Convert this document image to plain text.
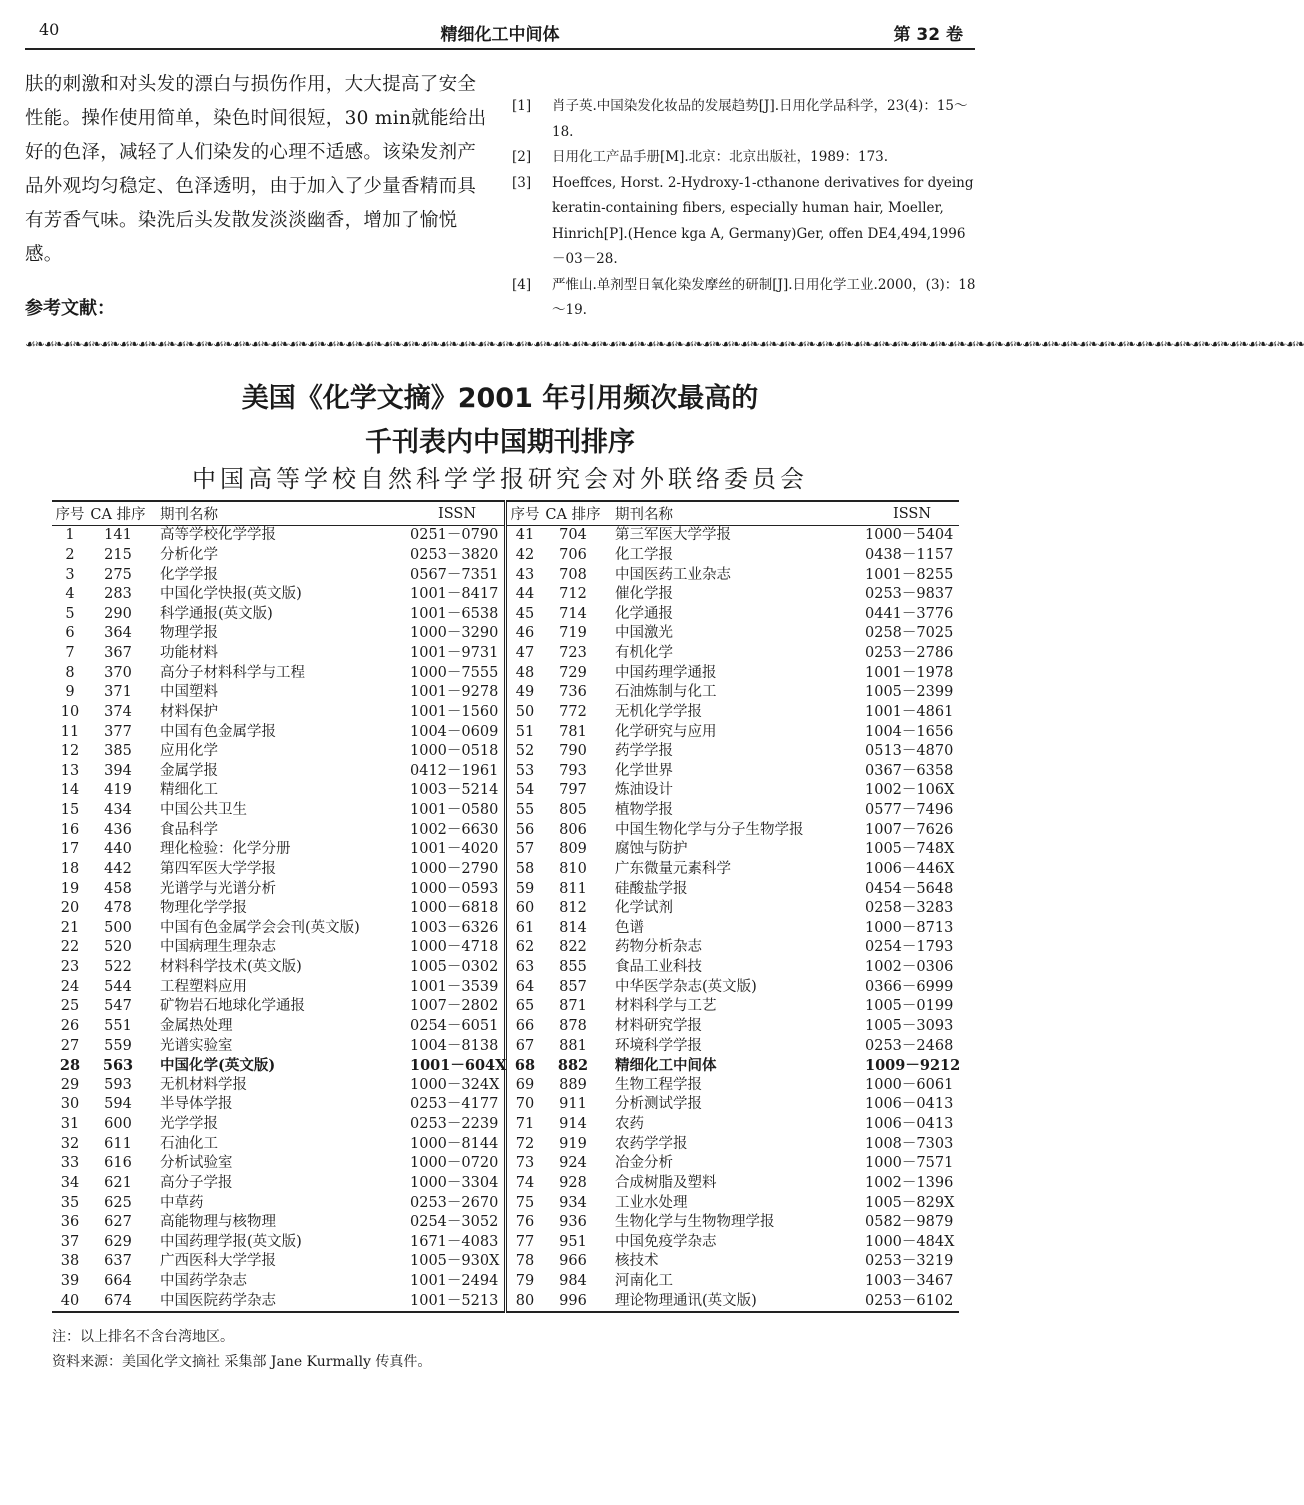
40	精细化工中间体	第 32 卷
肤的刺激和对头发的漂白与损伤作用，大大提高了安全性能。操作使用简单，染色时间很短，30 min就能给出好的色泽，减轻了人们染发的心理不适感。该染发剂产品外观均匀稳定、色泽透明，由于加入了少量香精而具有芳香气味。染洗后头发散发淡淡幽香，增加了愉悦感。
参考文献：
[1] 肖子英.中国染发化妆品的发展趋势[J].日用化学品科学，23(4)：15～18.
[2] 日用化工产品手册[M].北京：北京出版社，1989：173.
[3] Hoeffces, Horst. 2-Hydroxy-1-cthanone derivatives for dyeing keratin-containing fibers, especially human hair, Moeller, Hinrich[P].(Hence kga A, Germany)Ger, offen DE4,494,1996－03－28.
[4] 严惟山.单剂型日氧化染发摩丝的研制[J].日用化学工业.2000，(3)：18～19.
☙❧☙❧☙❧☙❧☙❧☙❧☙❧☙❧☙❧☙❧☙❧☙❧☙❧☙❧☙❧☙❧☙❧☙❧☙❧☙❧☙❧☙❧☙❧☙❧☙❧☙❧☙❧☙❧☙❧☙❧☙❧☙❧☙❧☙❧☙❧☙❧☙❧☙❧☙❧☙❧☙❧☙❧☙❧☙❧☙❧☙❧☙❧☙❧☙❧☙❧☙❧☙❧☙❧☙❧☙❧☙❧☙❧☙❧☙❧☙❧☙❧☙❧☙❧☙❧☙❧☙❧☙❧☙❧
美国《化学文摘》2001 年引用频次最高的
千刊表内中国期刊排序
中国高等学校自然科学学报研究会对外联络委员会
序号	CA 排序	期刊名称	ISSN	序号	CA 排序	期刊名称	ISSN
1	141	高等学校化学学报	0251－0790	41	704	第三军医大学学报	1000－5404
2	215	分析化学	0253－3820	42	706	化工学报	0438－1157
3	275	化学学报	0567－7351	43	708	中国医药工业杂志	1001－8255
4	283	中国化学快报(英文版)	1001－8417	44	712	催化学报	0253－9837
5	290	科学通报(英文版)	1001－6538	45	714	化学通报	0441－3776
6	364	物理学报	1000－3290	46	719	中国激光	0258－7025
7	367	功能材料	1001－9731	47	723	有机化学	0253－2786
8	370	高分子材料科学与工程	1000－7555	48	729	中国药理学通报	1001－1978
9	371	中国塑料	1001－9278	49	736	石油炼制与化工	1005－2399
10	374	材料保护	1001－1560	50	772	无机化学学报	1001－4861
11	377	中国有色金属学报	1004－0609	51	781	化学研究与应用	1004－1656
12	385	应用化学	1000－0518	52	790	药学学报	0513－4870
13	394	金属学报	0412－1961	53	793	化学世界	0367－6358
14	419	精细化工	1003－5214	54	797	炼油设计	1002－106X
15	434	中国公共卫生	1001－0580	55	805	植物学报	0577－7496
16	436	食品科学	1002－6630	56	806	中国生物化学与分子生物学报	1007－7626
17	440	理化检验：化学分册	1001－4020	57	809	腐蚀与防护	1005－748X
18	442	第四军医大学学报	1000－2790	58	810	广东微量元素科学	1006－446X
19	458	光谱学与光谱分析	1000－0593	59	811	硅酸盐学报	0454－5648
20	478	物理化学学报	1000－6818	60	812	化学试剂	0258－3283
21	500	中国有色金属学会会刊(英文版)	1003－6326	61	814	色谱	1000－8713
22	520	中国病理生理杂志	1000－4718	62	822	药物分析杂志	0254－1793
23	522	材料科学技术(英文版)	1005－0302	63	855	食品工业科技	1002－0306
24	544	工程塑料应用	1001－3539	64	857	中华医学杂志(英文版)	0366－6999
25	547	矿物岩石地球化学通报	1007－2802	65	871	材料科学与工艺	1005－0199
26	551	金属热处理	0254－6051	66	878	材料研究学报	1005－3093
27	559	光谱实验室	1004－8138	67	881	环境科学学报	0253－2468
28	563	中国化学(英文版)	1001－604X	68	882	精细化工中间体	1009－9212
29	593	无机材料学报	1000－324X	69	889	生物工程学报	1000－6061
30	594	半导体学报	0253－4177	70	911	分析测试学报	1006－0413
31	600	光学学报	0253－2239	71	914	农药	1006－0413
32	611	石油化工	1000－8144	72	919	农药学学报	1008－7303
33	616	分析试验室	1000－0720	73	924	冶金分析	1000－7571
34	621	高分子学报	1000－3304	74	928	合成树脂及塑料	1002－1396
35	625	中草药	0253－2670	75	934	工业水处理	1005－829X
36	627	高能物理与核物理	0254－3052	76	936	生物化学与生物物理学报	0582－9879
37	629	中国药理学报(英文版)	1671－4083	77	951	中国免疫学杂志	1000－484X
38	637	广西医科大学学报	1005－930X	78	966	核技术	0253－3219
39	664	中国药学杂志	1001－2494	79	984	河南化工	1003－3467
40	674	中国医院药学杂志	1001－5213	80	996	理论物理通讯(英文版)	0253－6102
注：以上排名不含台湾地区。
资料来源：美国化学文摘社 采集部 Jane Kurmally 传真件。
